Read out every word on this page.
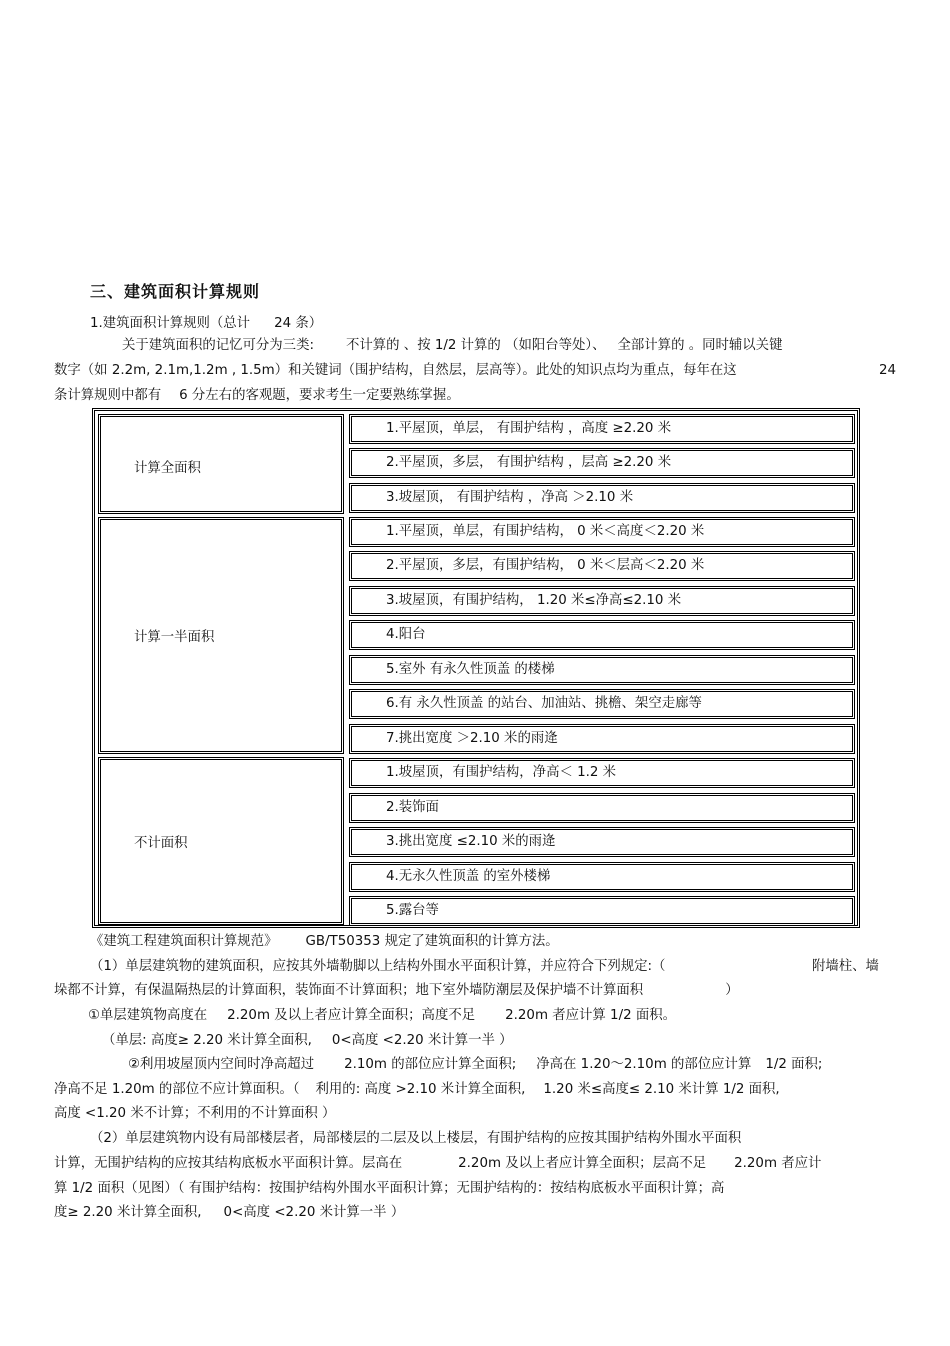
三、建筑面积计算规则
1.建筑面积计算规则（总计 24 条）
关于建筑面积的记忆可分为三类: 不计算的 、按 1/2 计算的 （如阳台等处）、 全部计算的 。同时辅以关键
数字（如 2.2m, 2.1m,1.2m , 1.5m）和关键词（围护结构，自然层，层高等）。此处的知识点均为重点，每年在这	24
条计算规则中都有 6 分左右的客观题，要求考生一定要熟练掌握。
计算全面积
1.平屋顶，单层， 有围护结构 ，高度 ≥2.20 米
2.平屋顶，多层， 有围护结构 ，层高 ≥2.20 米
3.坡屋顶， 有围护结构 ，净高 ＞2.10 米
计算一半面积
1.平屋顶，单层，有围护结构， 0 米＜高度＜2.20 米
2.平屋顶，多层，有围护结构， 0 米＜层高＜2.20 米
3.坡屋顶，有围护结构， 1.20 米≤净高≤2.10 米
4.阳台
5.室外 有永久性顶盖 的楼梯
6.有 永久性顶盖 的站台、加油站、挑檐、架空走廊等
7.挑出宽度 ＞2.10 米的雨逄
不计面积
1.坡屋顶，有围护结构，净高＜ 1.2 米
2.装饰面
3.挑出宽度 ≤2.10 米的雨逄
4.无永久性顶盖 的室外楼梯
5.露台等
《建筑工程建筑面积计算规范》 GB/T50353 规定了建筑面积的计算方法。
（1）单层建筑物的建筑面积，应按其外墙勒脚以上结构外围水平面积计算，并应符合下列规定:（	附墙柱、墙
垛都不计算，有保温隔热层的计算面积，装饰面不计算面积；地下室外墙防潮层及保护墙不计算面积	）
①单层建筑物高度在 2.20m 及以上者应计算全面积；高度不足 2.20m 者应计算 1/2 面积。
（单层: 高度≥ 2.20 米计算全面积, 0<高度 <2.20 米计算一半 ）
②利用坡屋顶内空间时净高超过 2.10m 的部位应计算全面积; 净高在 1.20～2.10m 的部位应计算 1/2 面积;
净高不足 1.20m 的部位不应计算面积。（ 利用的: 高度 >2.10 米计算全面积, 1.20 米≤高度≤ 2.10 米计算 1/2 面积,
高度 <1.20 米不计算；不利用的不计算面积 ）
（2）单层建筑物内设有局部楼层者，局部楼层的二层及以上楼层，有围护结构的应按其围护结构外围水平面积
计算，无围护结构的应按其结构底板水平面积计算。层高在	2.20m 及以上者应计算全面积；层高不足 2.20m 者应计
算 1/2 面积（见图）（ 有围护结构：按围护结构外围水平面积计算；无围护结构的：按结构底板水平面积计算；高
度≥ 2.20 米计算全面积, 0<高度 <2.20 米计算一半 ）
